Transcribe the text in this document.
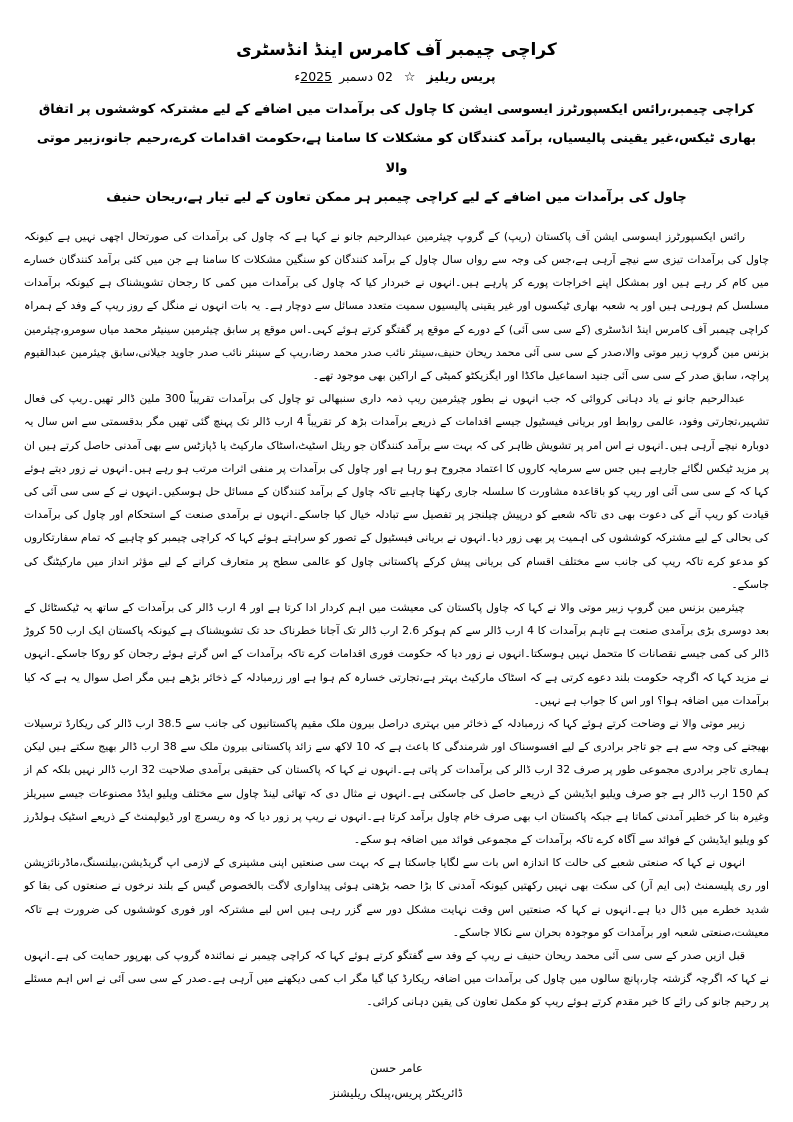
کراچی چیمبر آف کامرس اینڈ انڈسٹری
پریس ریلیز ☆ 02 دسمبر 2025ء
کراچی چیمبر،رائس ایکسپورٹرز ایسوسی ایشن کا چاول کی برآمدات میں اضافے کے لیے مشترکہ کوششوں پر اتفاق
بھاری ٹیکس،غیر یقینی پالیسیاں، برآمد کنندگان کو مشکلات کا سامنا ہے،حکومت اقدامات کرے،رحیم جانو،زبیر موتی والا
چاول کی برآمدات میں اضافے کے لیے کراچی چیمبر ہر ممکن تعاون کے لیے تیار ہے،ریحان حنیف

رائس ایکسپورٹرز ایسوسی ایشن آف پاکستان (ریپ) کے گروپ چیئرمین عبدالرحیم جانو نے کہا ہے کہ چاول کی برآمدات کی صورتحال اچھی نہیں ہے کیونکہ چاول کی برآمدات تیزی سے نیچے آرہی ہے،جس کی وجہ سے رواں سال چاول کے برآمد کنندگان کو سنگین مشکلات کا سامنا ہے جن میں کئی برآمد کنندگان خسارے میں کام کر رہے ہیں اور بمشکل اپنے اخراجات پورے کر پارہے ہیں۔انہوں نے خبردار کیا کہ چاول کی برآمدات میں کمی کا رجحان تشویشناک ہے کیونکہ برآمدات مسلسل کم ہورہی ہیں اور یہ شعبہ بھاری ٹیکسوں اور غیر یقینی پالیسیوں سمیت متعدد مسائل سے دوچار ہے۔ یہ بات انہوں نے منگل کے روز ریپ کے وفد کے ہمراہ کراچی چیمبر آف کامرس اینڈ انڈسٹری (کے سی سی آئی) کے دورے کے موقع پر گفتگو کرتے ہوئے کہی۔اس موقع پر سابق چیئرمین سینیٹر محمد میاں سومرو،چیئرمین بزنس مین گروپ زبیر موتی والا،صدر کے سی سی آئی محمد ریحان حنیف،سینئر نائب صدر محمد رضا،ریپ کے سینئر نائب صدر جاوید جیلانی،سابق چیئرمین عبدالقیوم پراچہ، سابق صدر کے سی سی آئی جنید اسماعیل ماکڈا اور ایگزیکٹو کمیٹی کے اراکین بھی موجود تھے۔

عبدالرحیم جانو نے یاد دہانی کروائی کہ جب انہوں نے بطور چیئرمین ریپ ذمہ داری سنبھالی تو چاول کی برآمدات تقریباً 300 ملین ڈالر تھیں۔ریپ کی فعال تشہیر،تجارتی وفود، عالمی روابط اور بریانی فیسٹیول جیسے اقدامات کے ذریعے برآمدات بڑھ کر تقریباً 4 ارب ڈالر تک پہنچ گئی تھیں مگر بدقسمتی سے اس سال یہ دوبارہ نیچے آرہی ہیں۔انہوں نے اس امر پر تشویش ظاہر کی کہ بہت سے برآمد کنندگان جو ریئل اسٹیٹ،اسٹاک مارکیٹ یا ڈپازٹس سے بھی آمدنی حاصل کرتے ہیں ان پر مزید ٹیکس لگائے جارہے ہیں جس سے سرمایہ کاروں کا اعتماد مجروح ہو رہا ہے اور چاول کی برآمدات پر منفی اثرات مرتب ہو رہے ہیں۔انہوں نے زور دیتے ہوئے کہا کہ کے سی سی آئی اور ریپ کو باقاعدہ مشاورت کا سلسلہ جاری رکھنا چاہیے تاکہ چاول کے برآمد کنندگان کے مسائل حل ہوسکیں۔انہوں نے کے سی سی آئی کی قیادت کو ریپ آنے کی دعوت بھی دی تاکہ شعبے کو درپیش چیلنجز پر تفصیل سے تبادلہ خیال کیا جاسکے۔انہوں نے برآمدی صنعت کے استحکام اور چاول کی برآمدات کی بحالی کے لیے مشترکہ کوششوں کی اہمیت پر بھی زور دیا۔انہوں نے بریانی فیسٹیول کے تصور کو سراہتے ہوئے کہا کہ کراچی چیمبر کو چاہیے کہ تمام سفارتکاروں کو مدعو کرے تاکہ ریپ کی جانب سے مختلف اقسام کی بریانی پیش کرکے پاکستانی چاول کو عالمی سطح پر متعارف کرانے کے لیے مؤثر انداز میں مارکیٹنگ کی جاسکے۔

چیئرمین بزنس مین گروپ زبیر موتی والا نے کہا کہ چاول پاکستان کی معیشت میں اہم کردار ادا کرتا ہے اور 4 ارب ڈالر کی برآمدات کے ساتھ یہ ٹیکسٹائل کے بعد دوسری بڑی برآمدی صنعت ہے تاہم برآمدات کا 4 ارب ڈالر سے کم ہوکر 2.6 ارب ڈالر تک آجانا خطرناک حد تک تشویشناک ہے کیونکہ پاکستان ایک ارب 50 کروڑ ڈالر کی کمی جیسے نقصانات کا متحمل نہیں ہوسکتا۔انہوں نے زور دیا کہ حکومت فوری اقدامات کرے تاکہ برآمدات کے اس گرتے ہوئے رجحان کو روکا جاسکے۔انہوں نے مزید کہا کہ اگرچہ حکومت بلند دعوے کرتی ہے کہ اسٹاک مارکیٹ بہتر ہے،تجارتی خسارہ کم ہوا ہے اور زرمبادلہ کے ذخائر بڑھے ہیں مگر اصل سوال یہ ہے کہ کیا برآمدات میں اضافہ ہوا؟ اور اس کا جواب ہے نہیں۔

زبیر موتی والا نے وضاحت کرتے ہوئے کہا کہ زرمبادلہ کے ذخائر میں بہتری دراصل بیرون ملک مقیم پاکستانیوں کی جانب سے 38.5 ارب ڈالر کی ریکارڈ ترسیلات بھیجنے کی وجہ سے ہے جو تاجر برادری کے لیے افسوسناک اور شرمندگی کا باعث ہے کہ 10 لاکھ سے زائد پاکستانی بیرون ملک سے 38 ارب ڈالر بھیج سکتے ہیں لیکن ہماری تاجر برادری مجموعی طور پر صرف 32 ارب ڈالر کی برآمدات کر پاتی ہے۔انہوں نے کہا کہ پاکستان کی حقیقی برآمدی صلاحیت 32 ارب ڈالر نہیں بلکہ کم از کم 150 ارب ڈالر ہے جو صرف ویلیو ایڈیشن کے ذریعے حاصل کی جاسکتی ہے۔انہوں نے مثال دی کہ تھائی لینڈ چاول سے مختلف ویلیو ایڈڈ مصنوعات جیسے سیریلز وغیرہ بنا کر خطیر آمدنی کماتا ہے جبکہ پاکستان اب بھی صرف خام چاول برآمد کرتا ہے۔انہوں نے ریپ پر زور دیا کہ وہ ریسرچ اور ڈیولپمنٹ کے ذریعے اسٹیک ہولڈرز کو ویلیو ایڈیشن کے فوائد سے آگاہ کرے تاکہ برآمدات کے مجموعی فوائد میں اضافہ ہو سکے۔

انہوں نے کہا کہ صنعتی شعبے کی حالت کا اندازہ اس بات سے لگایا جاسکتا ہے کہ بہت سی صنعتیں اپنی مشینری کے لازمی اپ گریڈیشن،بیلنسنگ،ماڈرنائزیشن اور ری پلیسمنٹ (بی ایم آر) کی سکت بھی نہیں رکھتیں کیونکہ آمدنی کا بڑا حصہ بڑھتی ہوئی پیداواری لاگت بالخصوص گیس کے بلند نرخوں نے صنعتوں کی بقا کو شدید خطرے میں ڈال دیا ہے۔انہوں نے کہا کہ صنعتیں اس وقت نہایت مشکل دور سے گزر رہی ہیں اس لیے مشترکہ اور فوری کوششوں کی ضرورت ہے تاکہ معیشت،صنعتی شعبہ اور برآمدات کو موجودہ بحران سے نکالا جاسکے۔

قبل ازیں صدر کے سی سی آئی محمد ریحان حنیف نے ریپ کے وفد سے گفتگو کرتے ہوئے کہا کہ کراچی چیمبر نے نمائندہ گروپ کی بھرپور حمایت کی ہے۔انہوں نے کہا کہ اگرچہ گزشتہ چار،پانچ سالوں میں چاول کی برآمدات میں اضافہ ریکارڈ کیا گیا مگر اب کمی دیکھنے میں آرہی ہے۔صدر کے سی سی آئی نے اس اہم مسئلے پر رحیم جانو کی رائے کا خیر مقدم کرتے ہوئے ریپ کو مکمل تعاون کی یقین دہانی کرائی۔

عامر حسن
ڈائریکٹر پریس،پبلک ریلیشنز
